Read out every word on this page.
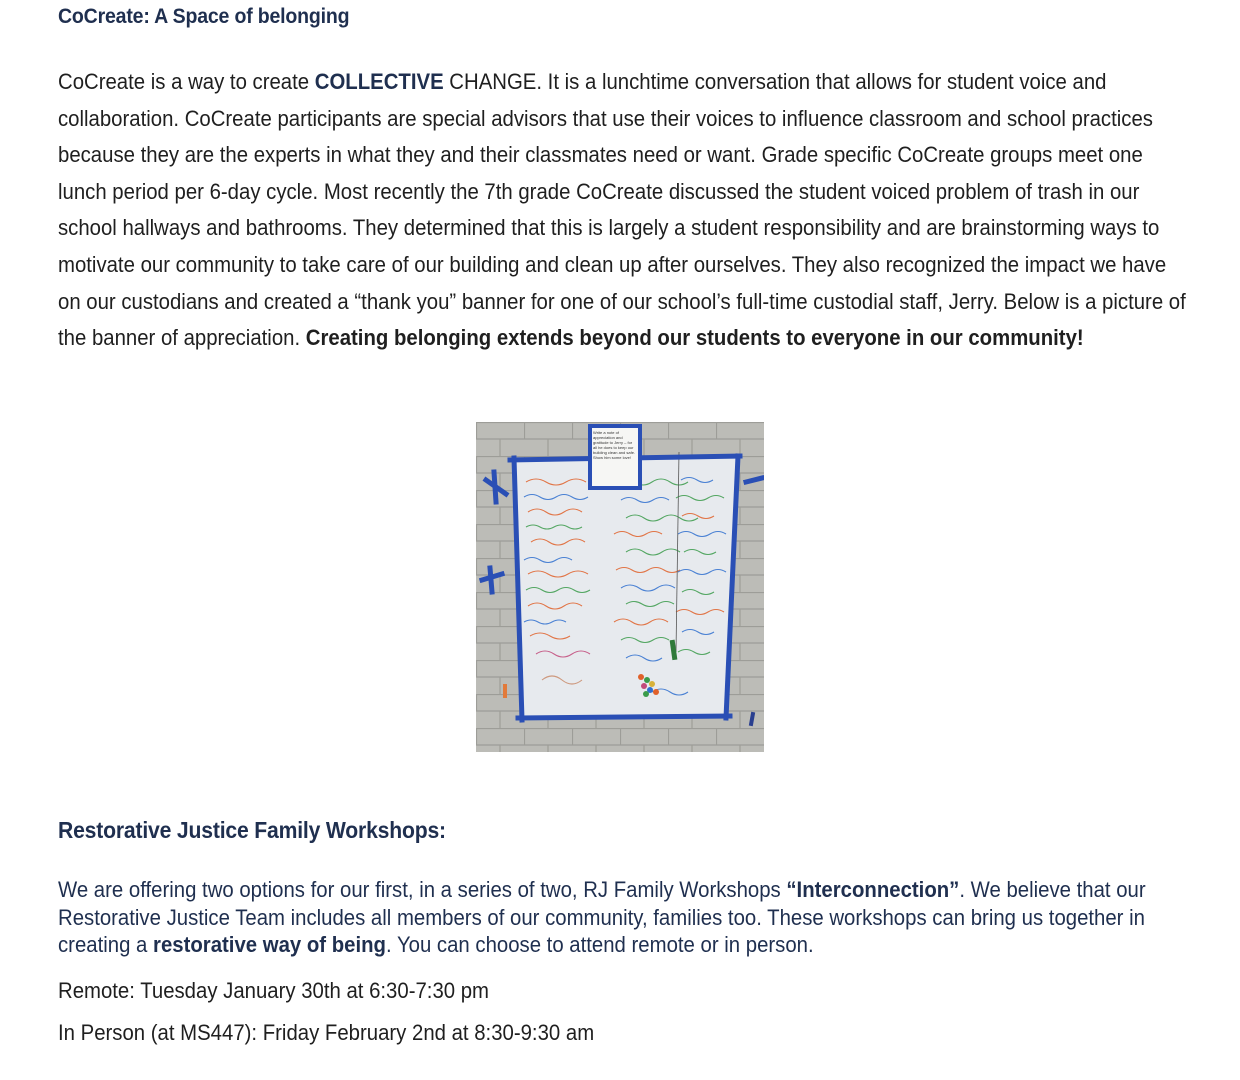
CoCreate: A Space of belonging

CoCreate is a way to create COLLECTIVE CHANGE. It is a lunchtime conversation that allows for student voice and collaboration. CoCreate participants are special advisors that use their voices to influence classroom and school practices because they are the experts in what they and their classmates need or want. Grade specific CoCreate groups meet one lunch period per 6-day cycle. Most recently the 7th grade CoCreate discussed the student voiced problem of trash in our school hallways and bathrooms. They determined that this is largely a student responsibility and are brainstorming ways to motivate our community to take care of our building and clean up after ourselves. They also recognized the impact we have on our custodians and created a “thank you” banner for one of our school’s full-time custodial staff, Jerry. Below is a picture of the banner of appreciation. Creating belonging extends beyond our students to everyone in our community!

Restorative Justice Family Workshops:

We are offering two options for our first, in a series of two, RJ Family Workshops “Interconnection”. We believe that our Restorative Justice Team includes all members of our community, families too. These workshops can bring us together in creating a restorative way of being. You can choose to attend remote or in person.

Remote: Tuesday January 30th at 6:30-7:30 pm

In Person (at MS447): Friday February 2nd at 8:30-9:30 am

Write a note of appreciation and gratitude to Jerry – for all he does to keep our building clean and safe. Show him some love!
